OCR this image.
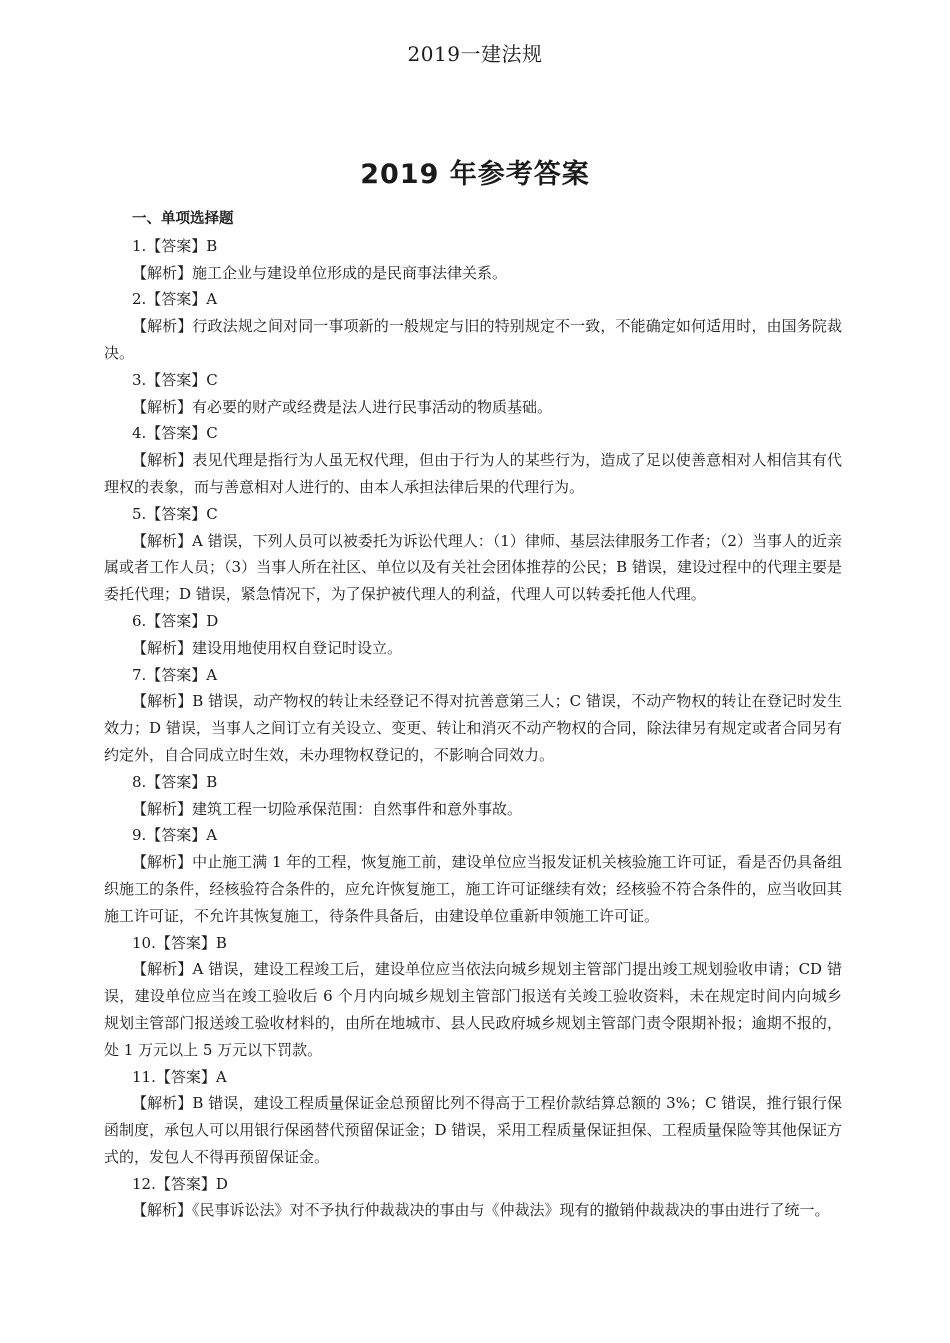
2019一建法规
2019 年参考答案
一、单项选择题
1.【答案】B
【解析】施工企业与建设单位形成的是民商事法律关系。
2.【答案】A
【解析】行政法规之间对同一事项新的一般规定与旧的特别规定不一致，不能确定如何适用时，由国务院裁决。
3.【答案】C
【解析】有必要的财产或经费是法人进行民事活动的物质基础。
4.【答案】C
【解析】表见代理是指行为人虽无权代理，但由于行为人的某些行为，造成了足以使善意相对人相信其有代理权的表象，而与善意相对人进行的、由本人承担法律后果的代理行为。
5.【答案】C
【解析】A 错误，下列人员可以被委托为诉讼代理人：（1）律师、基层法律服务工作者；（2）当事人的近亲属或者工作人员；（3）当事人所在社区、单位以及有关社会团体推荐的公民；B 错误，建设过程中的代理主要是委托代理；D 错误，紧急情况下，为了保护被代理人的利益，代理人可以转委托他人代理。
6.【答案】D
【解析】建设用地使用权自登记时设立。
7.【答案】A
【解析】B 错误，动产物权的转让未经登记不得对抗善意第三人；C 错误，不动产物权的转让在登记时发生效力；D 错误，当事人之间订立有关设立、变更、转让和消灭不动产物权的合同，除法律另有规定或者合同另有约定外，自合同成立时生效，未办理物权登记的，不影响合同效力。
8.【答案】B
【解析】建筑工程一切险承保范围：自然事件和意外事故。
9.【答案】A
【解析】中止施工满 1 年的工程，恢复施工前，建设单位应当报发证机关核验施工许可证，看是否仍具备组织施工的条件，经核验符合条件的，应允许恢复施工，施工许可证继续有效；经核验不符合条件的，应当收回其施工许可证，不允许其恢复施工，待条件具备后，由建设单位重新申领施工许可证。
10.【答案】B
【解析】A 错误，建设工程竣工后，建设单位应当依法向城乡规划主管部门提出竣工规划验收申请；CD 错误，建设单位应当在竣工验收后 6 个月内向城乡规划主管部门报送有关竣工验收资料，未在规定时间内向城乡规划主管部门报送竣工验收材料的，由所在地城市、县人民政府城乡规划主管部门责令限期补报；逾期不报的，处 1 万元以上 5 万元以下罚款。
11.【答案】A
【解析】B 错误，建设工程质量保证金总预留比列不得高于工程价款结算总额的 3%；C 错误，推行银行保函制度，承包人可以用银行保函替代预留保证金；D 错误，采用工程质量保证担保、工程质量保险等其他保证方式的，发包人不得再预留保证金。
12.【答案】D
【解析】《民事诉讼法》对不予执行仲裁裁决的事由与《仲裁法》现有的撤销仲裁裁决的事由进行了统一。
